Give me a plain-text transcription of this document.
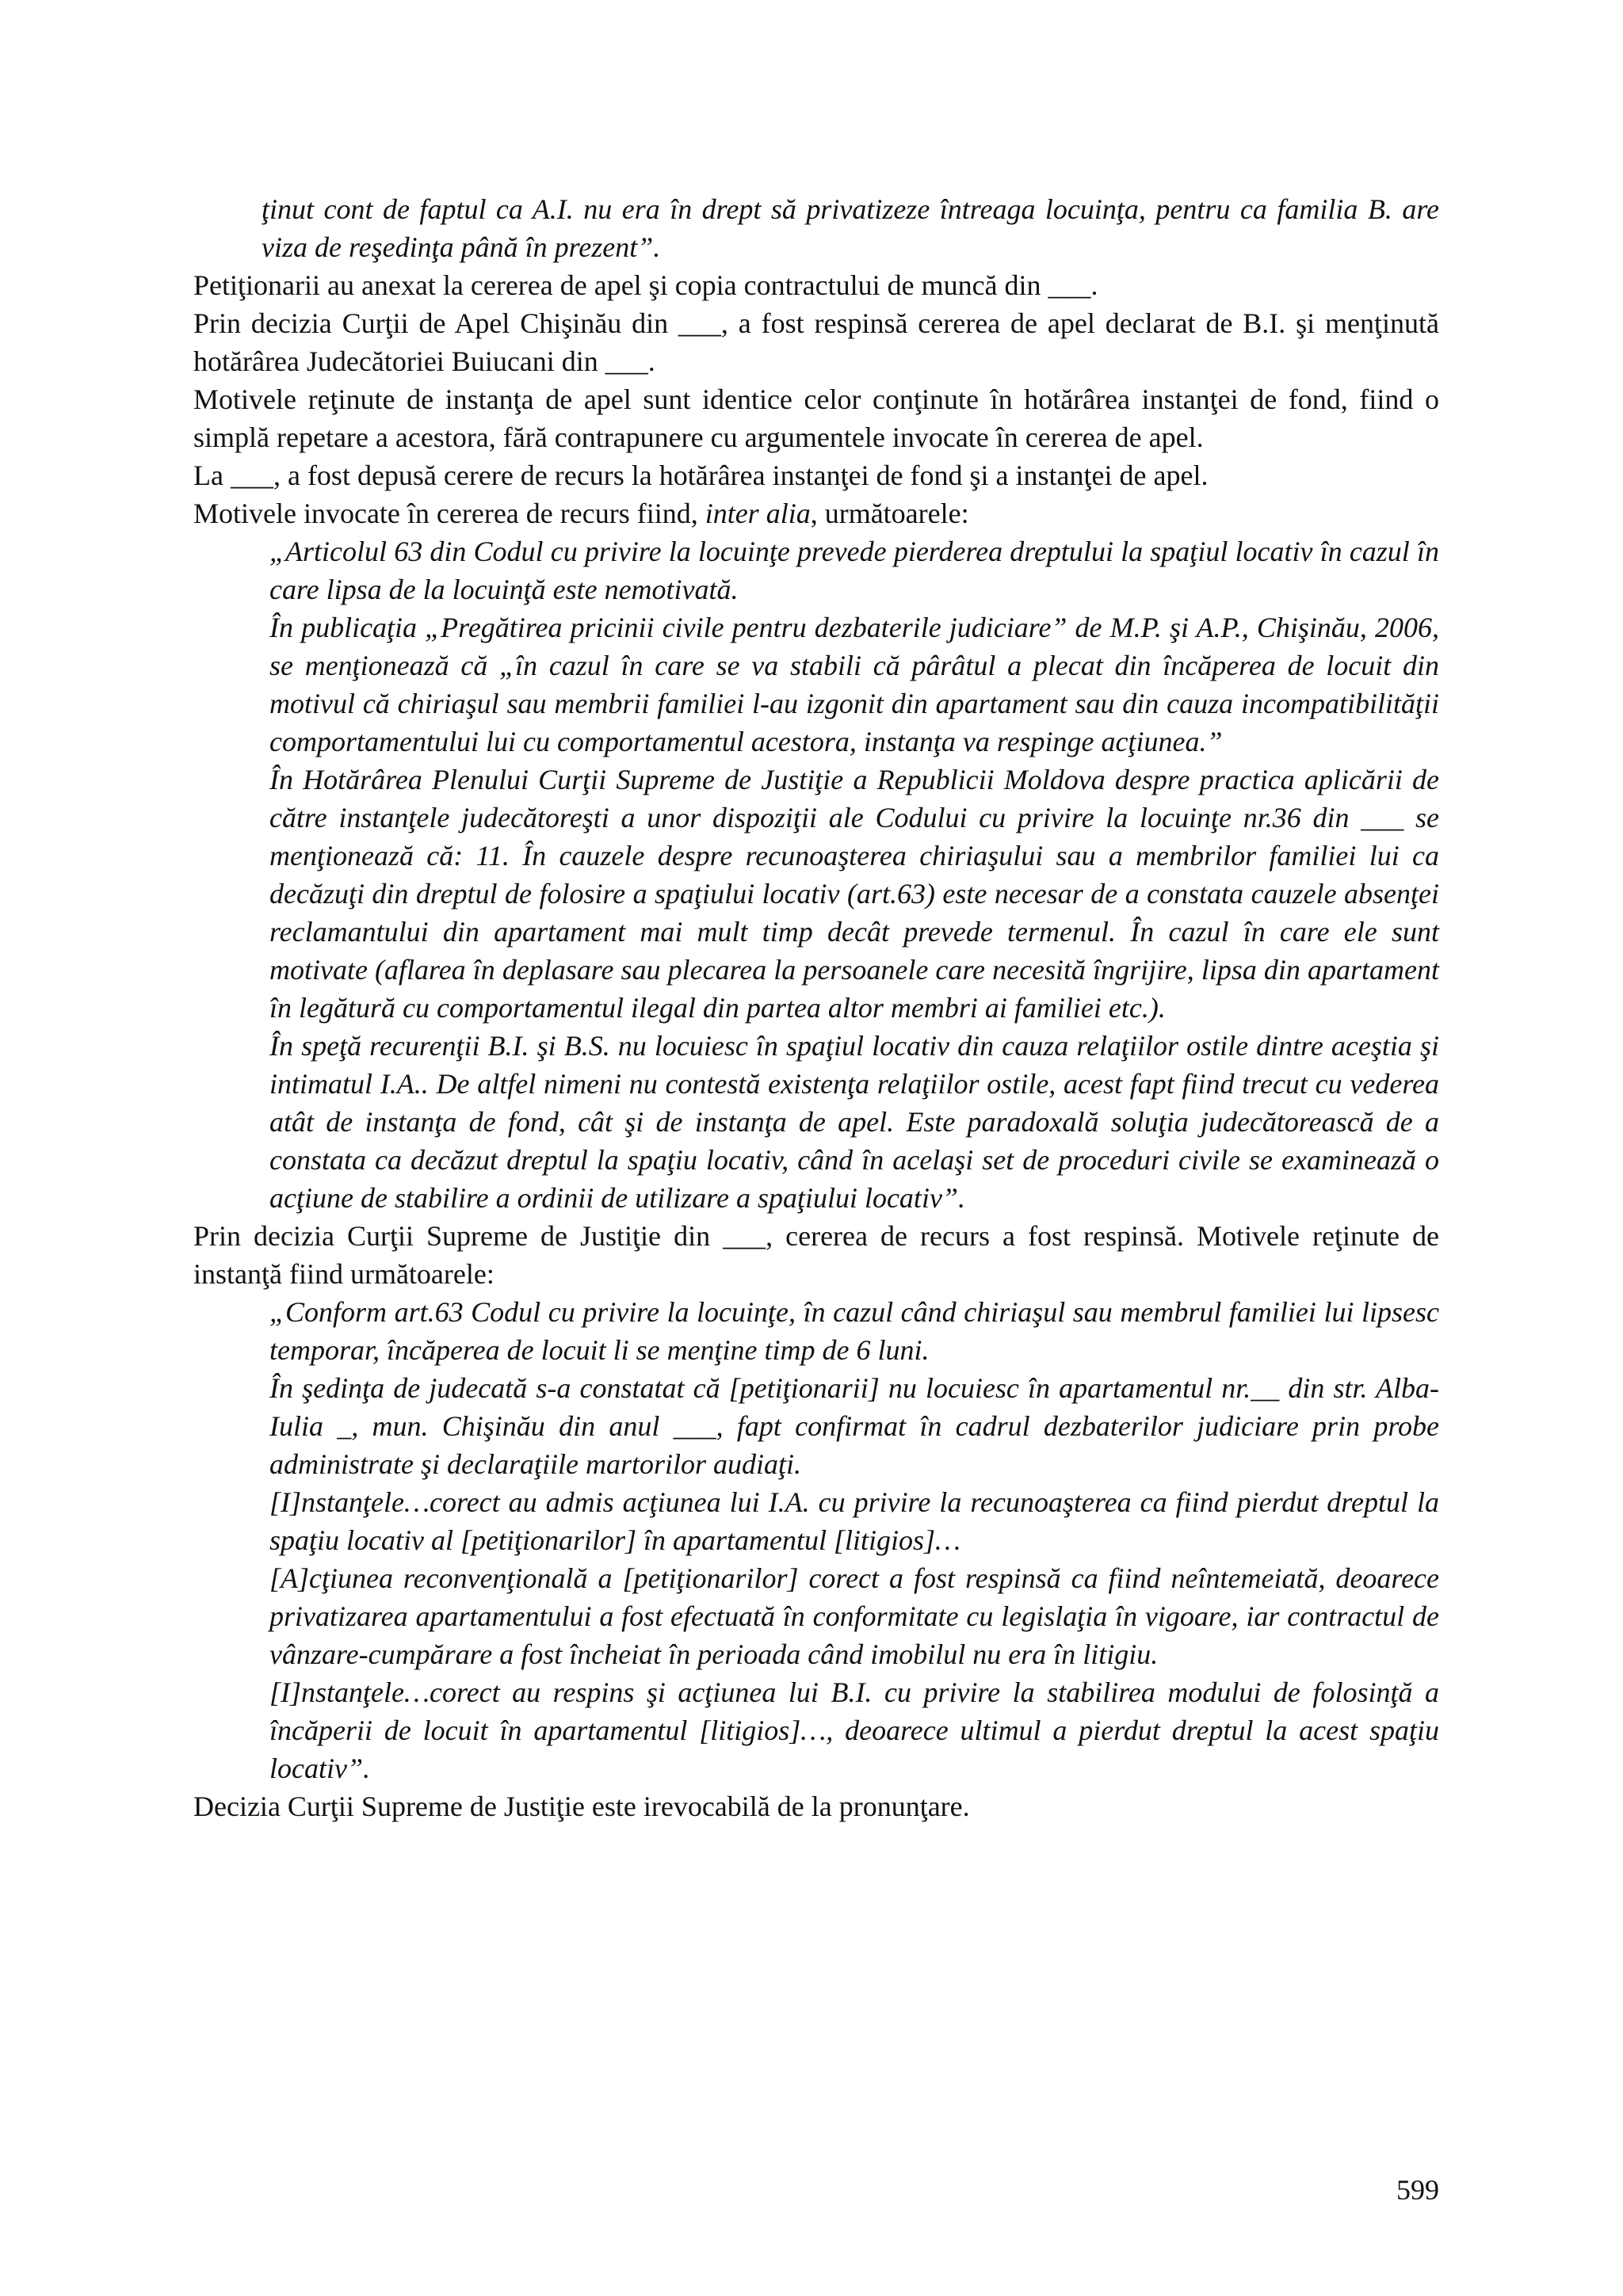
ţinut cont de faptul ca A.I. nu era în drept să privatizeze întreaga locuinţa, pentru ca familia B. are viza de reşedinţa până în prezent”.

Petiţionarii au anexat la cererea de apel şi copia contractului de muncă din ___.

Prin decizia Curţii de Apel Chişinău din ___, a fost respinsă cererea de apel declarat de B.I. şi menţinută hotărârea Judecătoriei Buiucani din ___.

Motivele reţinute de instanţa de apel sunt identice celor conţinute în hotărârea instanţei de fond, fiind o simplă repetare a acestora, fără contrapunere cu argumentele invocate în cererea de apel.

La ___, a fost depusă cerere de recurs la hotărârea instanţei de fond şi a instanţei de apel.

Motivele invocate în cererea de recurs fiind, inter alia, următoarele:

„Articolul 63 din Codul cu privire la locuinţe prevede pierderea dreptului la spaţiul locativ în cazul în care lipsa de la locuinţă este nemotivată.

În publicaţia „Pregătirea pricinii civile pentru dezbaterile judiciare” de M.P. şi A.P., Chişinău, 2006, se menţionează că „în cazul în care se va stabili că pârâtul a plecat din încăperea de locuit din motivul că chiriaşul sau membrii familiei l-au izgonit din apartament sau din cauza incompatibilităţii comportamentului lui cu comportamentul acestora, instanţa va respinge acţiunea.”

În Hotărârea Plenului Curţii Supreme de Justiţie a Republicii Moldova despre practica aplicării de către instanţele judecătoreşti a unor dispoziţii ale Codului cu privire la locuinţe nr.36 din ___ se menţionează că: 11. În cauzele despre recunoaşterea chiriaşului sau a membrilor familiei lui ca decăzuţi din dreptul de folosire a spaţiului locativ (art.63) este necesar de a constata cauzele absenţei reclamantului din apartament mai mult timp decât prevede termenul. În cazul în care ele sunt motivate (aflarea în deplasare sau plecarea la persoanele care necesită îngrijire, lipsa din apartament în legătură cu comportamentul ilegal din partea altor membri ai familiei etc.).

În speţă recurenţii B.I. şi B.S. nu locuiesc în spaţiul locativ din cauza relaţiilor ostile dintre aceştia şi intimatul I.A.. De altfel nimeni nu contestă existenţa relaţiilor ostile, acest fapt fiind trecut cu vederea atât de instanţa de fond, cât şi de instanţa de apel. Este paradoxală soluţia judecătorească de a constata ca decăzut dreptul la spaţiu locativ, când în acelaşi set de proceduri civile se examinează o acţiune de stabilire a ordinii de utilizare a spaţiului locativ”.

Prin decizia Curţii Supreme de Justiţie din ___, cererea de recurs a fost respinsă. Motivele reţinute de instanţă fiind următoarele:

„Conform art.63 Codul cu privire la locuinţe, în cazul când chiriaşul sau membrul familiei lui lipsesc temporar, încăperea de locuit li se menţine timp de 6 luni.

În şedinţa de judecată s-a constatat că [petiţionarii] nu locuiesc în apartamentul nr.__ din str. Alba-Iulia _, mun. Chişinău din anul ___, fapt confirmat în cadrul dezbaterilor judiciare prin probe administrate şi declaraţiile martorilor audiaţi.

[I]nstanţele…corect au admis acţiunea lui I.A. cu privire la recunoaşterea ca fiind pierdut dreptul la spaţiu locativ al [petiţionarilor] în apartamentul [litigios]…

[A]cţiunea reconvenţională a [petiţionarilor] corect a fost respinsă ca fiind neîntemeiată, deoarece privatizarea apartamentului a fost efectuată în conformitate cu legislaţia în vigoare, iar contractul de vânzare-cumpărare a fost încheiat în perioada când imobilul nu era în litigiu.

[I]nstanţele…corect au respins şi acţiunea lui B.I. cu privire la stabilirea modului de folosinţă a încăperii de locuit în apartamentul [litigios]…, deoarece ultimul a pierdut dreptul la acest spaţiu locativ”.

Decizia Curţii Supreme de Justiţie este irevocabilă de la pronunţare.

599
